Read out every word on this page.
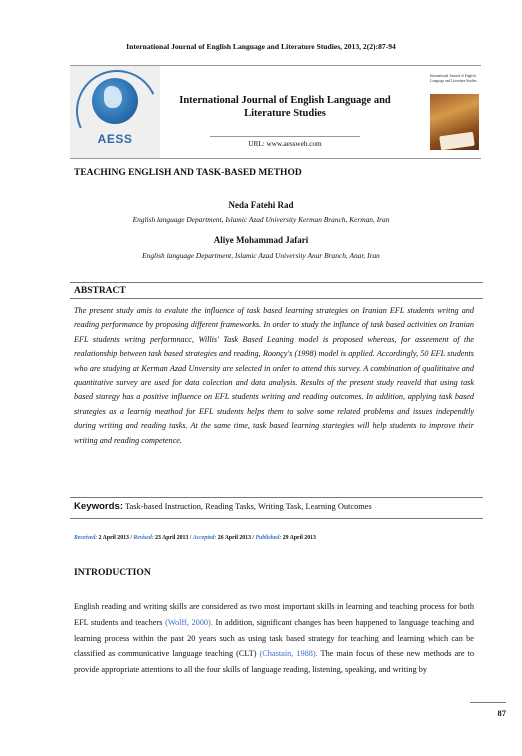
International Journal of English Language and Literature Studies, 2013, 2(2):87-94
AESS
International Journal of English Language and Literature Studies
URL: www.aessweb.com
International Journal of English Language and Literature Studies
TEACHING ENGLISH AND TASK-BASED METHOD
Neda Fatehi Rad
English language Department, Islamic Azad University Kerman Branch, Kerman, Iran
Aliye Mohammad Jafari
English language Department, Islamic Azad University Anar Branch, Anar, Iran
ABSTRACT
The present study amis to evalute the influence of task based learning strategies on Iranian EFL students writng and reading performance by proposing different frameworks. In order to study the influnce of task based activities on Iranian EFL students writng performnacc, Willis' Task Based Leaning model is proposed whereas, for asseement of the realationship between task based strategies and reading, Roonçy's (1998) model is applied. Accordingly, 50 EFL students who are studying at Kerman Azad Unversity are selected in order to attend this survey. A combination of qualititaive and quantitative survey are used for data colection and data analysis. Results of the present study reaveld that using task based staregy has a positive influence on EFL students writing and reading outcomes. In addition, applying task based strategies as a learnig meathod for EFL students helps them to solve some related problems and issues independtly during writing and reading tasks. At the same time, task based learning startegies will help students to improve their writing and reading competence.
Keywords: Task-based Instruction, Reading Tasks, Writing Task, Learning Outcomes
Received: 2 April 2013 / Revised: 23 April 2013 / Accepted: 26 April 2013 / Published: 29 April 2013
INTRODUCTION
English reading and writing skills are considered as two most important skills in learning and teaching process for both EFL students and teachers (Wolff, 2000). In addition, significant changes has been happened to language teaching and learning process within the past 20 years such as using task based strategy for teaching and learning which can be classified as communicative language teaching (CLT) (Chastain, 1988). The main focus of these new methods are to provide appropriate attentions to all the four skills of language reading, listening, speaking, and writing by
87
